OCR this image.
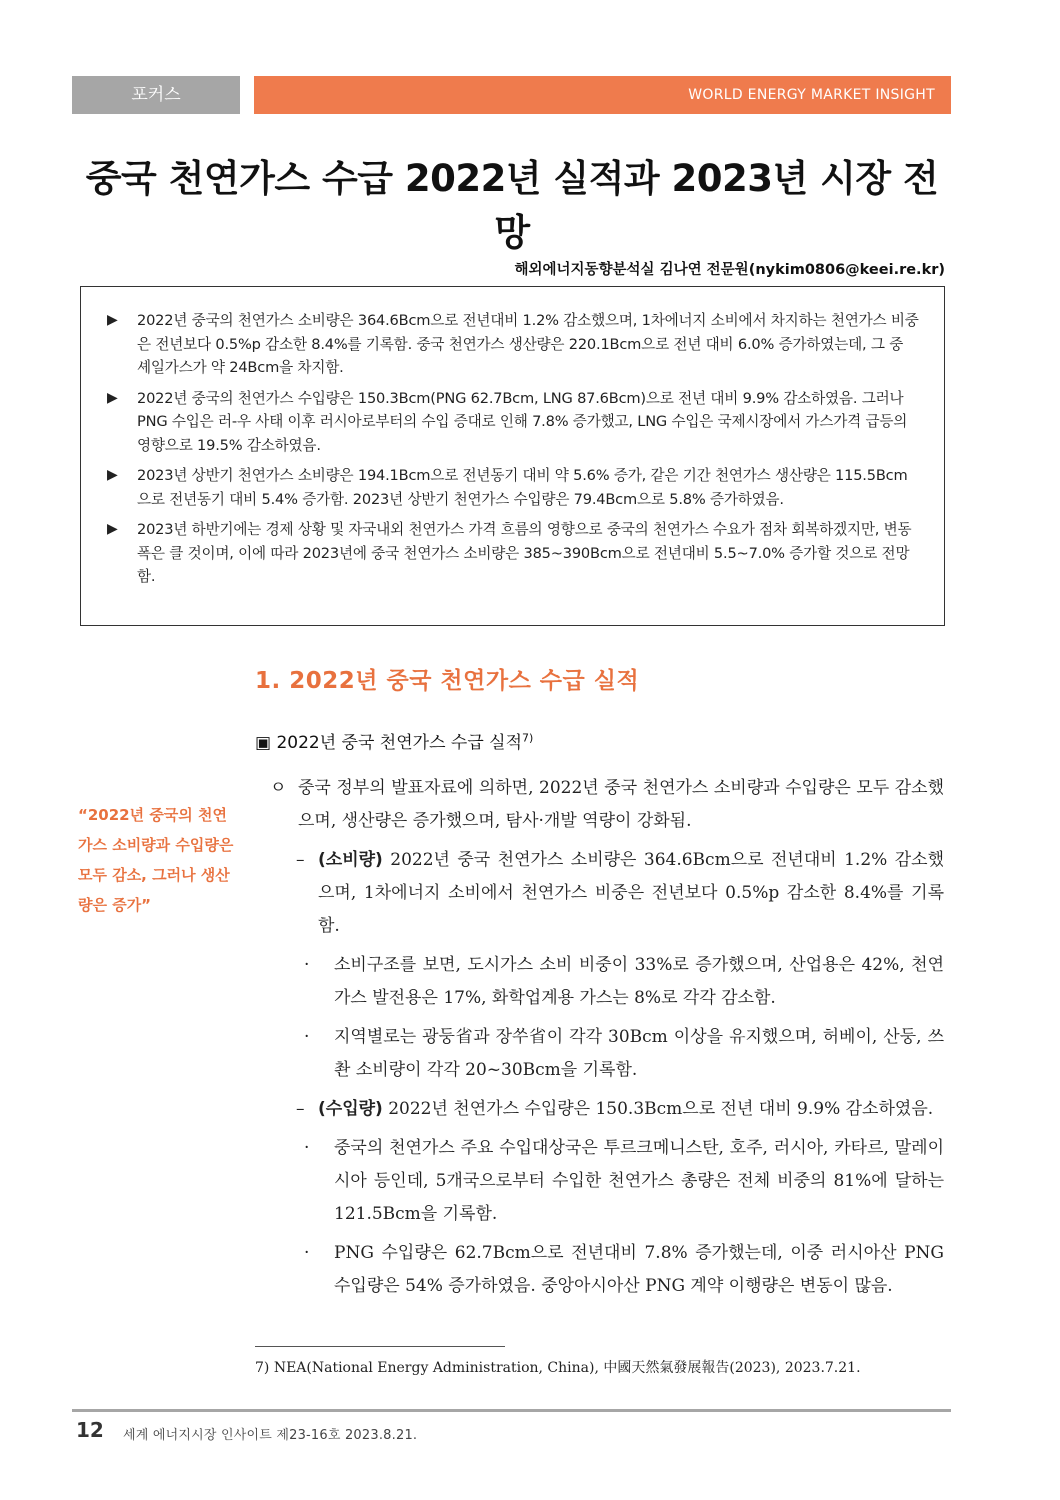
포커스	WORLD ENERGY MARKET INSIGHT
중국 천연가스 수급 2022년 실적과 2023년 시장 전망
해외에너지동향분석실 김나연 전문원(nykim0806@keei.re.kr)
▶ 2022년 중국의 천연가스 소비량은 364.6Bcm으로 전년대비 1.2% 감소했으며, 1차에너지 소비에서 차지하는 천연가스 비중은 전년보다 0.5%p 감소한 8.4%를 기록함. 중국 천연가스 생산량은 220.1Bcm으로 전년 대비 6.0% 증가하였는데, 그 중 셰일가스가 약 24Bcm을 차지함.
▶ 2022년 중국의 천연가스 수입량은 150.3Bcm(PNG 62.7Bcm, LNG 87.6Bcm)으로 전년 대비 9.9% 감소하였음. 그러나 PNG 수입은 러-우 사태 이후 러시아로부터의 수입 증대로 인해 7.8% 증가했고, LNG 수입은 국제시장에서 가스가격 급등의 영향으로 19.5% 감소하였음.
▶ 2023년 상반기 천연가스 소비량은 194.1Bcm으로 전년동기 대비 약 5.6% 증가, 같은 기간 천연가스 생산량은 115.5Bcm으로 전년동기 대비 5.4% 증가함. 2023년 상반기 천연가스 수입량은 79.4Bcm으로 5.8% 증가하였음.
▶ 2023년 하반기에는 경제 상황 및 자국내외 천연가스 가격 흐름의 영향으로 중국의 천연가스 수요가 점차 회복하겠지만, 변동폭은 클 것이며, 이에 따라 2023년에 중국 천연가스 소비량은 385~390Bcm으로 전년대비 5.5~7.0% 증가할 것으로 전망함.
1. 2022년 중국 천연가스 수급 실적
▣ 2022년 중국 천연가스 수급 실적$^{7)}$
“2022년 중국의 천연가스 소비량과 수입량은 모두 감소, 그러나 생산량은 증가”
ㅇ 중국 정부의 발표자료에 의하면, 2022년 중국 천연가스 소비량과 수입량은 모두 감소했으며, 생산량은 증가했으며, 탐사·개발 역량이 강화됨.
– (소비량) 2022년 중국 천연가스 소비량은 364.6Bcm으로 전년대비 1.2% 감소했으며, 1차에너지 소비에서 천연가스 비중은 전년보다 0.5%p 감소한 8.4%를 기록함.
· 소비구조를 보면, 도시가스 소비 비중이 33%로 증가했으며, 산업용은 42%, 천연가스 발전용은 17%, 화학업계용 가스는 8%로 각각 감소함.
· 지역별로는 광둥省과 장쑤省이 각각 30Bcm 이상을 유지했으며, 허베이, 산둥, 쓰촨 소비량이 각각 20~30Bcm을 기록함.
– (수입량) 2022년 천연가스 수입량은 150.3Bcm으로 전년 대비 9.9% 감소하였음.
· 중국의 천연가스 주요 수입대상국은 투르크메니스탄, 호주, 러시아, 카타르, 말레이시아 등인데, 5개국으로부터 수입한 천연가스 총량은 전체 비중의 81%에 달하는 121.5Bcm을 기록함.
· PNG 수입량은 62.7Bcm으로 전년대비 7.8% 증가했는데, 이중 러시아산 PNG 수입량은 54% 증가하였음. 중앙아시아산 PNG 계약 이행량은 변동이 많음.
7) NEA(National Energy Administration, China), 中國天然氣發展報告(2023), 2023.7.21.
12 세계 에너지시장 인사이트 제23-16호 2023.8.21.
